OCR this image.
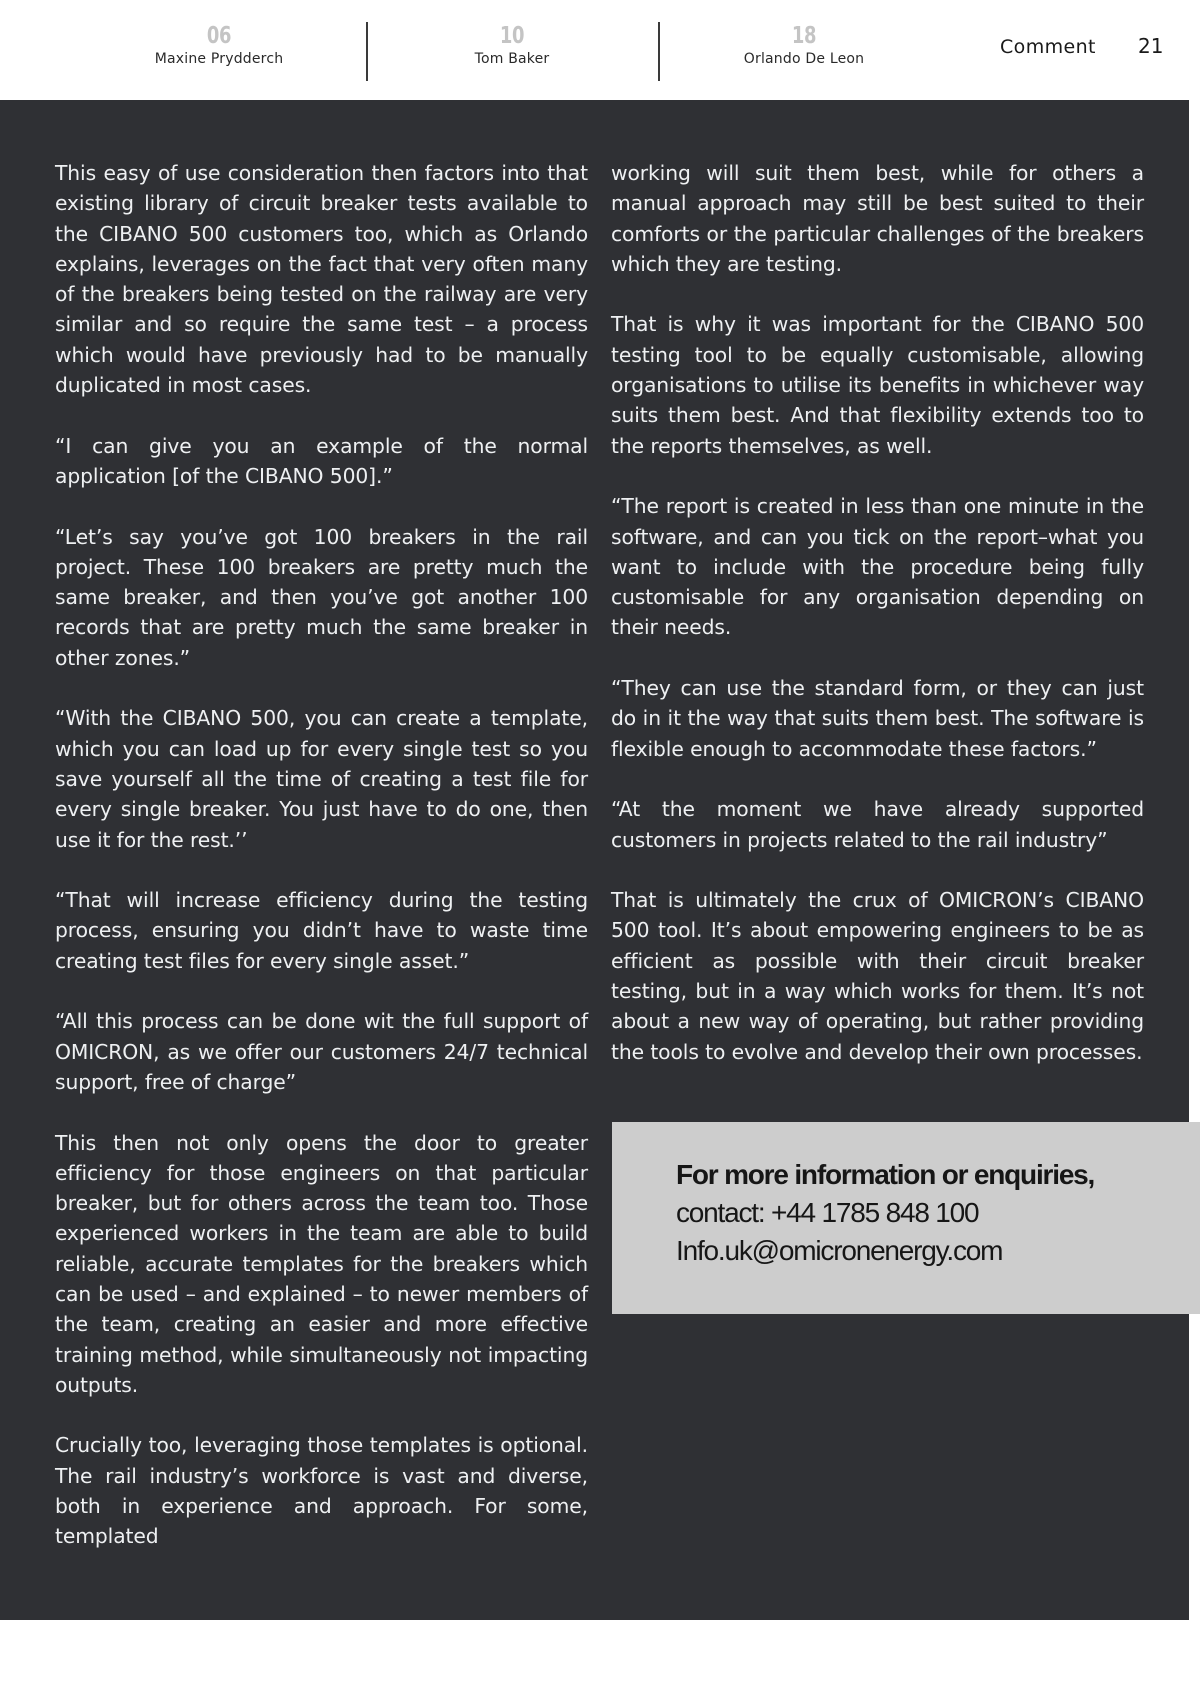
06
Maxine Prydderch
10
Tom Baker
18
Orlando De Leon
Comment 21

This easy of use consideration then factors into that existing library of circuit breaker tests available to the CIBANO 500 customers too, which as Orlando explains, leverages on the fact that very often many of the breakers being tested on the railway are very similar and so require the same test – a process which would have previously had to be manually duplicated in most cases.

“I can give you an example of the normal application [of the CIBANO 500].”

“Let’s say you’ve got 100 breakers in the rail project. These 100 breakers are pretty much the same breaker, and then you’ve got another 100 records that are pretty much the same breaker in other zones.”

“With the CIBANO 500, you can create a template, which you can load up for every single test so you save yourself all the time of creating a test file for every single breaker. You just have to do one, then use it for the rest.’’

“That will increase efficiency during the testing process, ensuring you didn’t have to waste time creating test files for every single asset.”

“All this process can be done wit the full support of OMICRON, as we offer our customers 24/7 technical support, free of charge”

This then not only opens the door to greater efficiency for those engineers on that particular breaker, but for others across the team too. Those experienced workers in the team are able to build reliable, accurate templates for the breakers which can be used – and explained – to newer members of the team, creating an easier and more effective training method, while simultaneously not impacting outputs.

Crucially too, leveraging those templates is optional. The rail industry’s workforce is vast and diverse, both in experience and approach. For some, templated

working will suit them best, while for others a manual approach may still be best suited to their comforts or the particular challenges of the breakers which they are testing.

That is why it was important for the CIBANO 500 testing tool to be equally customisable, allowing organisations to utilise its benefits in whichever way suits them best. And that flexibility extends too to the reports themselves, as well.

“The report is created in less than one minute in the software, and can you tick on the report–what you want to include with the procedure being fully customisable for any organisation depending on their needs.

“They can use the standard form, or they can just do in it the way that suits them best. The software is flexible enough to accommodate these factors.”

“At the moment we have already supported customers in projects related to the rail industry”

That is ultimately the crux of OMICRON’s CIBANO 500 tool. It’s about empowering engineers to be as efficient as possible with their circuit breaker testing, but in a way which works for them. It’s not about a new way of operating, but rather providing the tools to evolve and develop their own processes.

For more information or enquiries,
contact: +44 1785 848 100
Info.uk@omicronenergy.com
